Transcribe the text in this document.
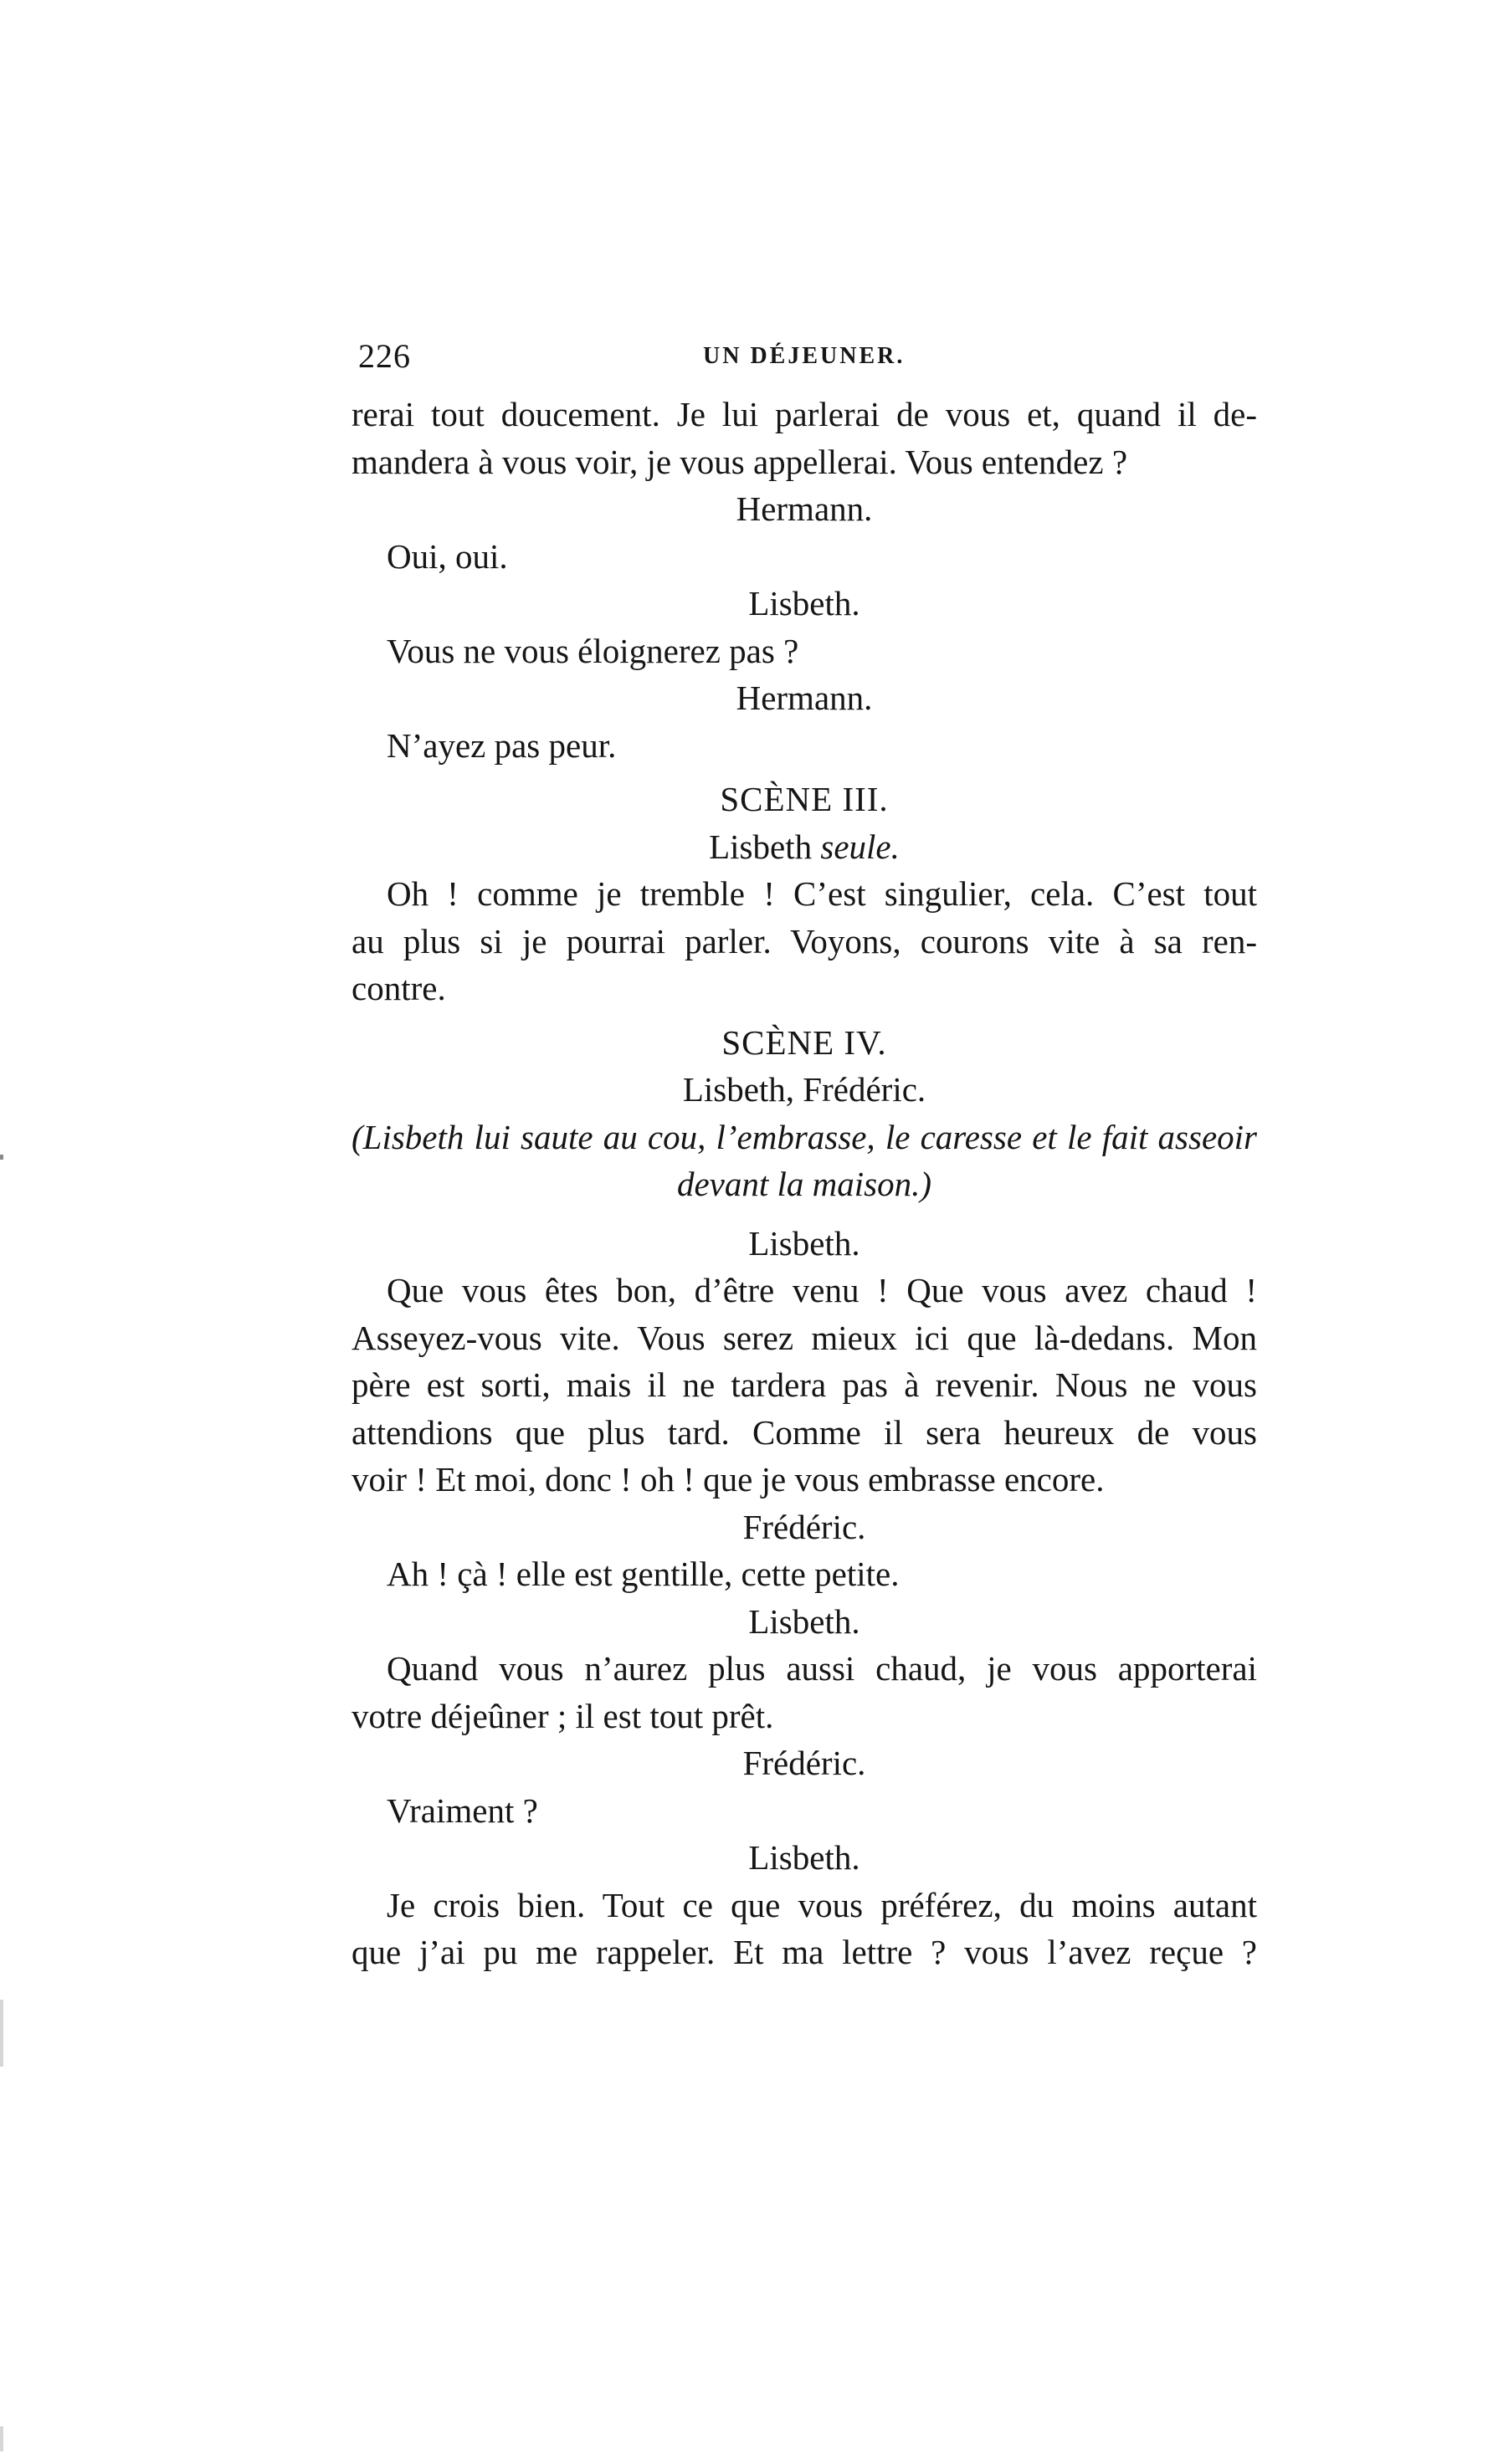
226	UN DÉJEUNER.
rerai tout doucement. Je lui parlerai de vous et, quand il de-
mandera à vous voir, je vous appellerai. Vous entendez ?
Hermann.
Oui, oui.
Lisbeth.
Vous ne vous éloignerez pas ?
Hermann.
N’ayez pas peur.
SCÈNE III.
Lisbeth seule.
Oh ! comme je tremble ! C’est singulier, cela. C’est tout
au plus si je pourrai parler. Voyons, courons vite à sa ren-
contre.
SCÈNE IV.
Lisbeth, Frédéric.
(Lisbeth lui saute au cou, l’embrasse, le caresse et le fait asseoir
devant la maison.)
Lisbeth.
Que vous êtes bon, d’être venu ! Que vous avez chaud !
Asseyez-vous vite. Vous serez mieux ici que là-dedans. Mon
père est sorti, mais il ne tardera pas à revenir. Nous ne vous
attendions que plus tard. Comme il sera heureux de vous
voir ! Et moi, donc ! oh ! que je vous embrasse encore.
Frédéric.
Ah ! çà ! elle est gentille, cette petite.
Lisbeth.
Quand vous n’aurez plus aussi chaud, je vous apporterai
votre déjeûner ; il est tout prêt.
Frédéric.
Vraiment ?
Lisbeth.
Je crois bien. Tout ce que vous préférez, du moins autant
que j’ai pu me rappeler. Et ma lettre ? vous l’avez reçue ?
